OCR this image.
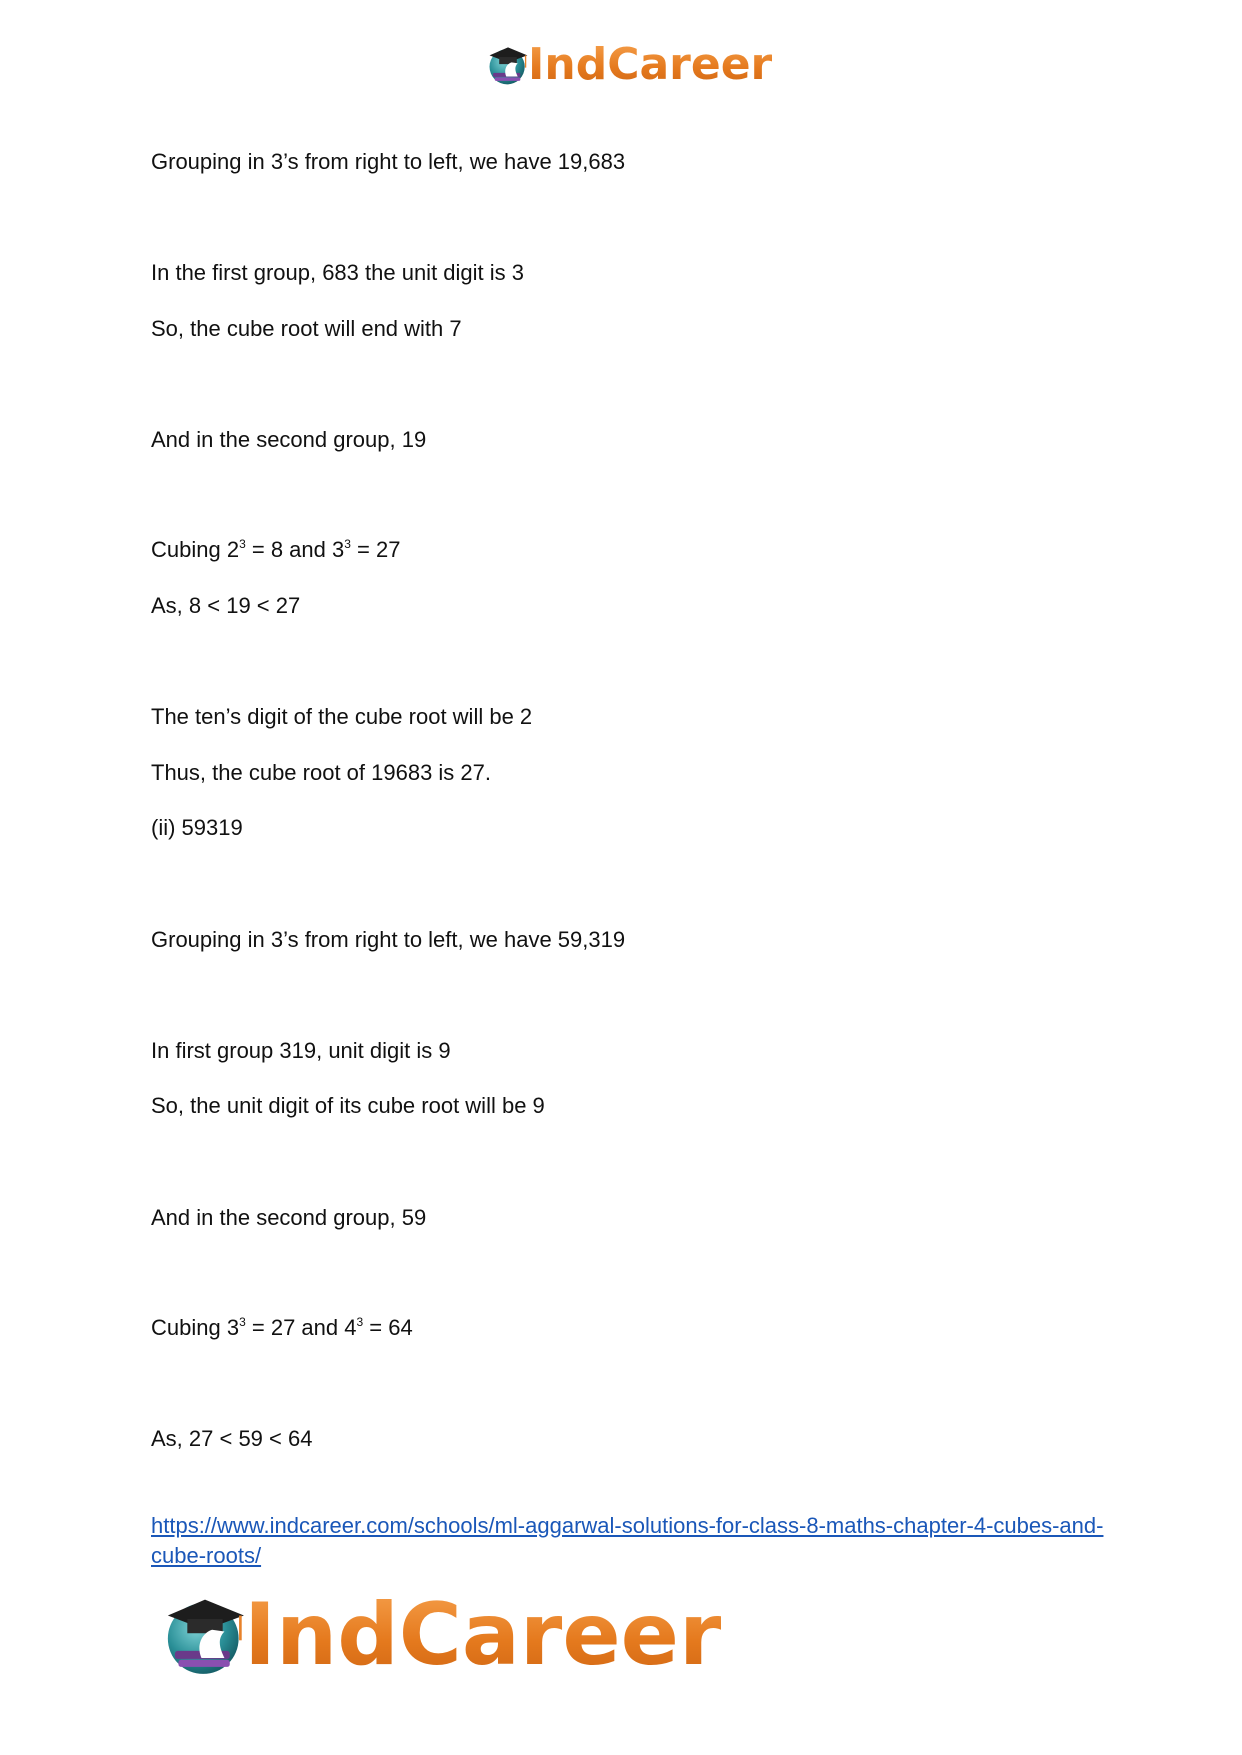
IndCareer
Grouping in 3’s from right to left, we have 19,683
In the first group, 683 the unit digit is 3
So, the cube root will end with 7
And in the second group, 19
Cubing $2^3 = 8$ and $3^3 = 27$
As, 8 < 19 < 27
The ten’s digit of the cube root will be 2
Thus, the cube root of 19683 is 27.
(ii) 59319
Grouping in 3’s from right to left, we have 59,319
In first group 319, unit digit is 9
So, the unit digit of its cube root will be 9
And in the second group, 59
Cubing $3^3 = 27$ and $4^3 = 64$
As, 27 < 59 < 64
https://www.indcareer.com/schools/ml-aggarwal-solutions-for-class-8-maths-chapter-4-cubes-and-cube-roots/
IndCareer
